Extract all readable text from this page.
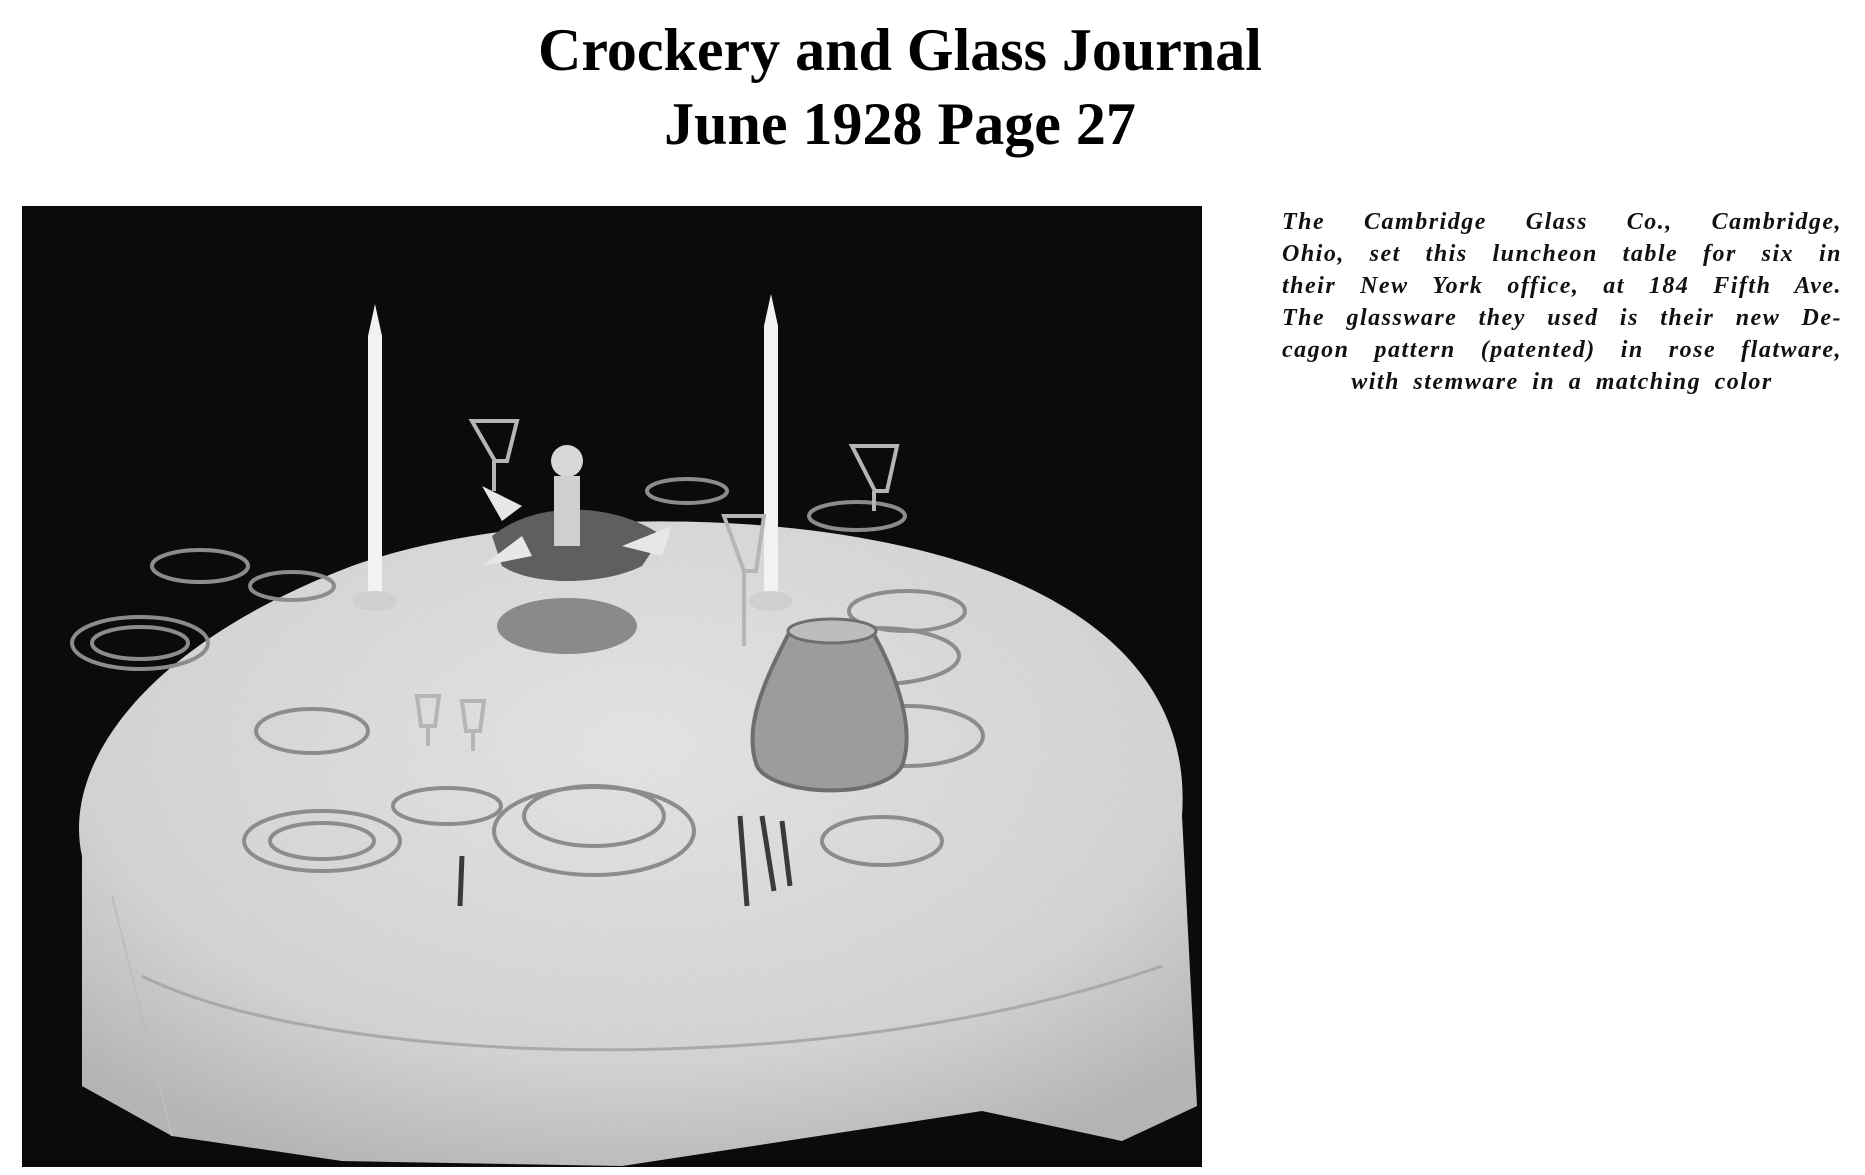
Crockery and Glass Journal
June 1928 Page 27
The Cambridge Glass Co., Cambridge,
Ohio, set this luncheon table for six in
their New York office, at 184 Fifth Ave.
The glassware they used is their new De-
cagon pattern (patented) in rose flatware,
with stemware in a matching color
